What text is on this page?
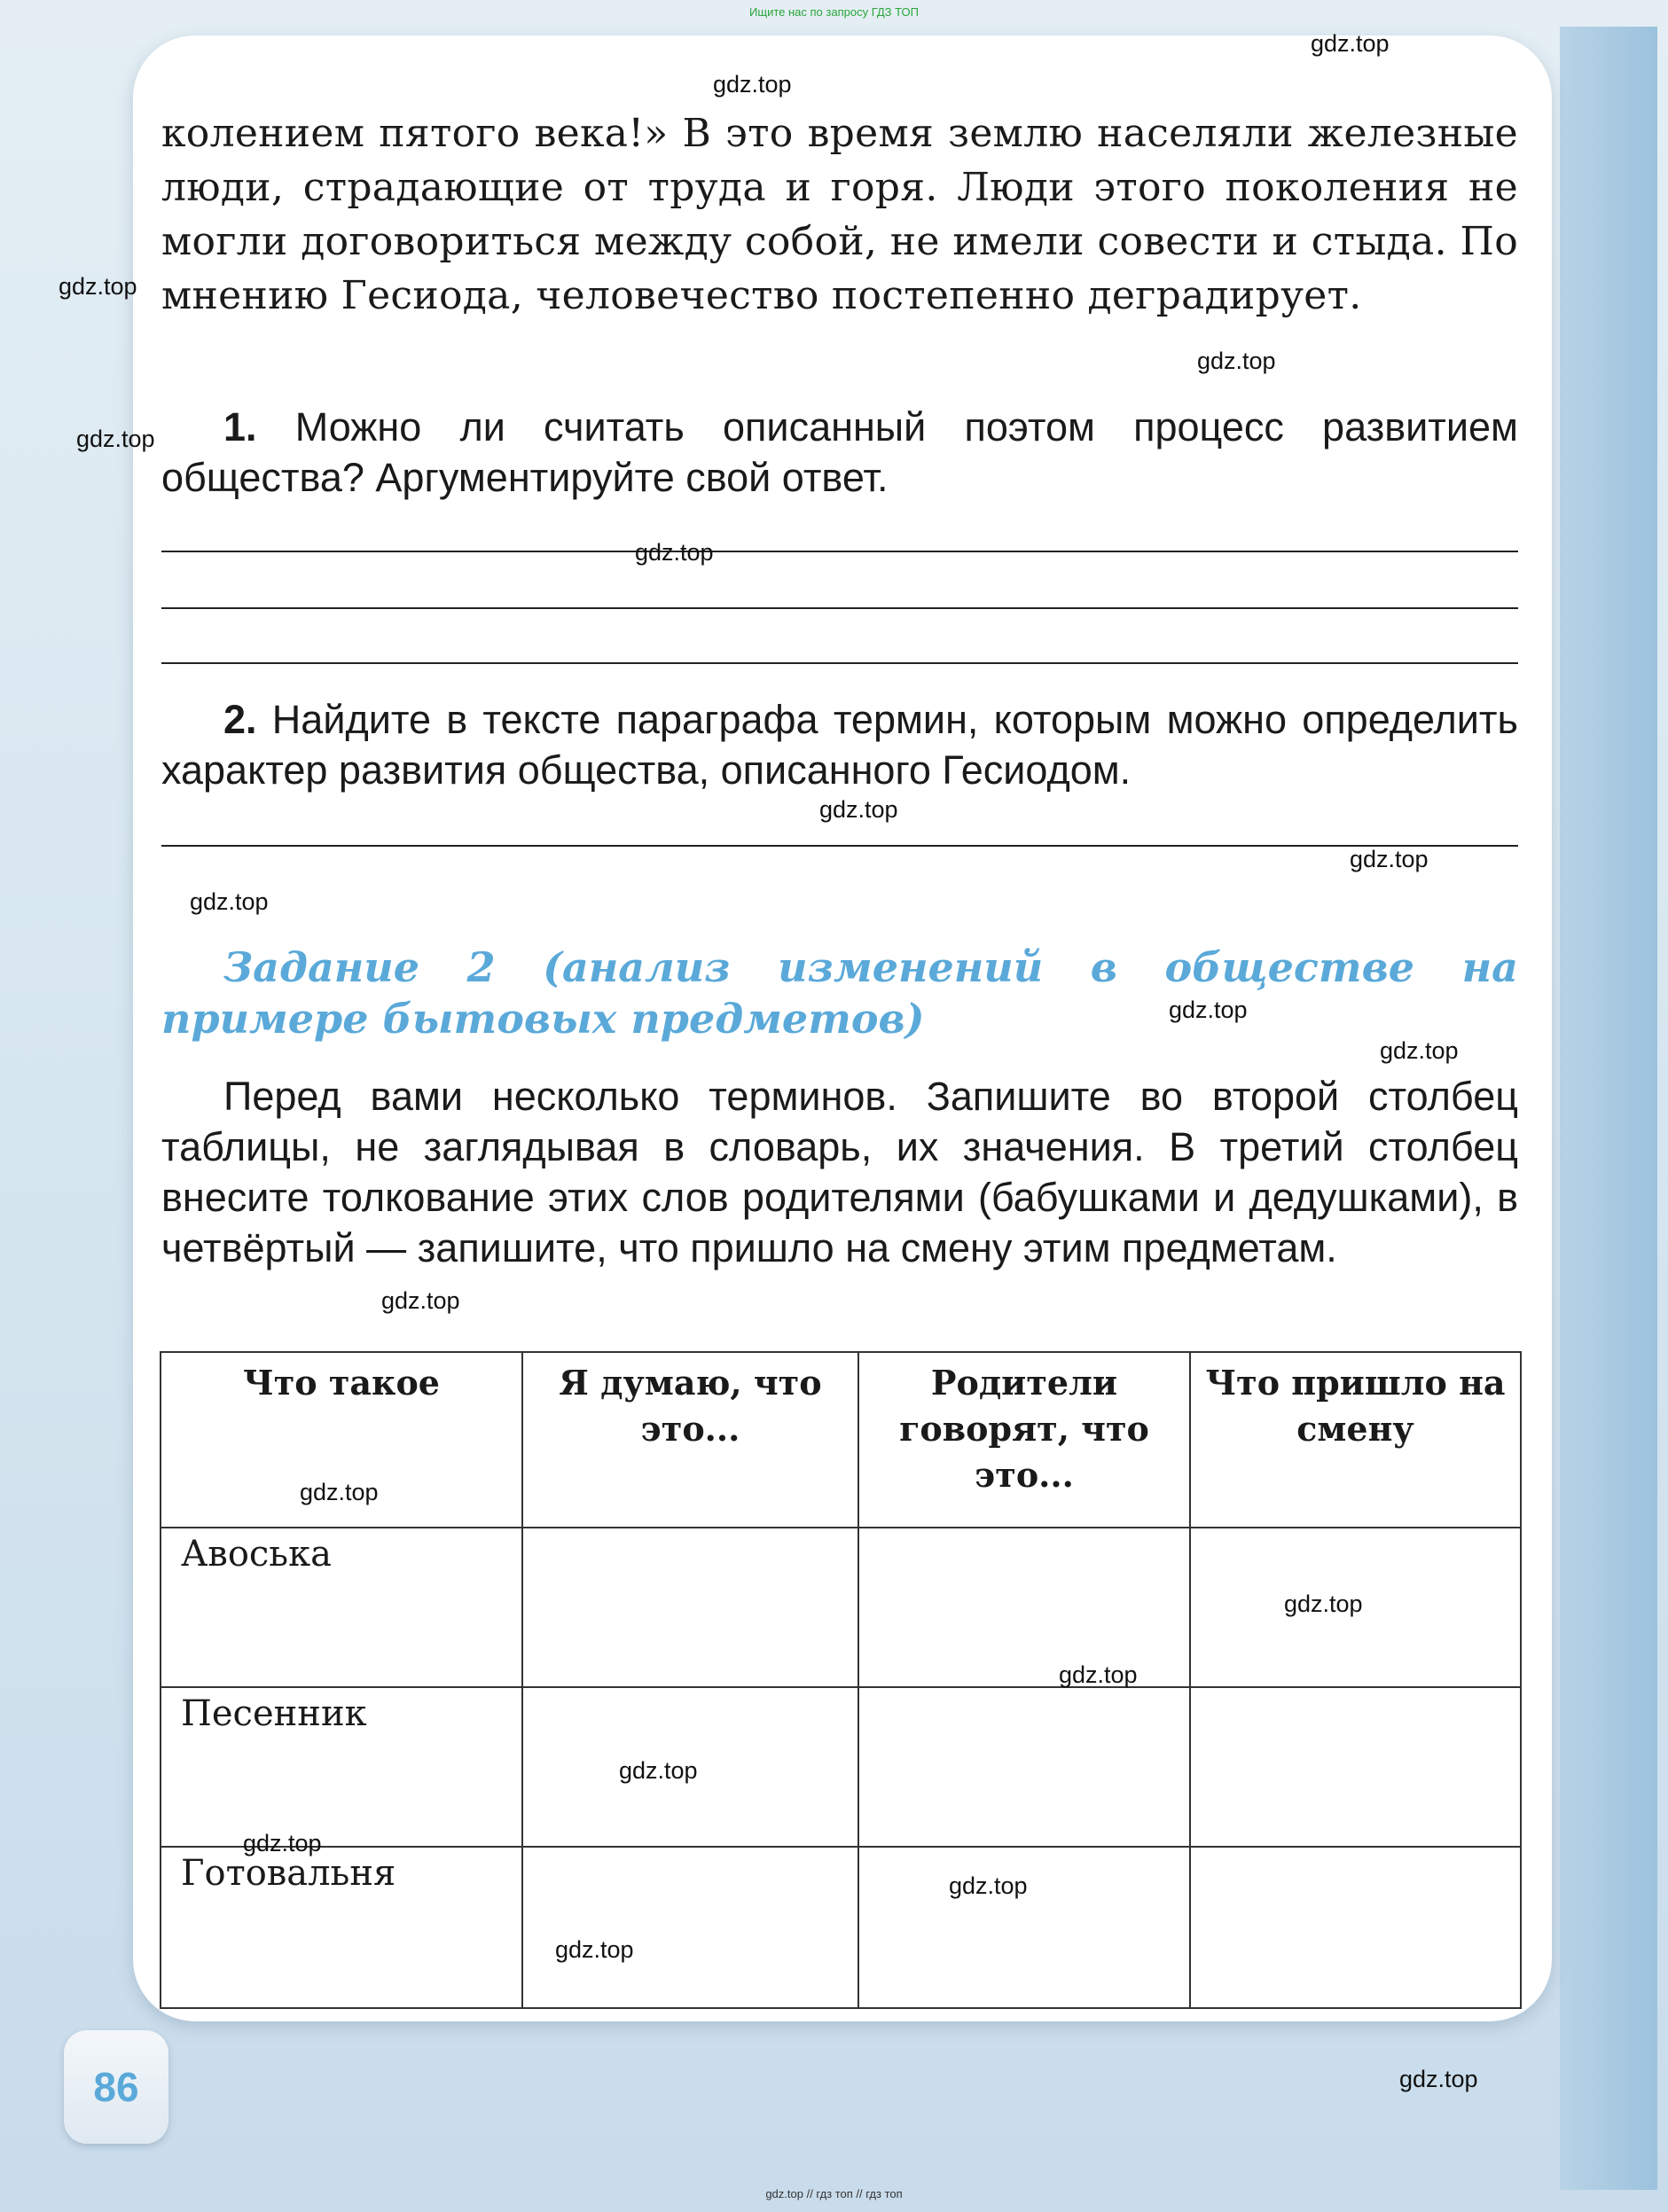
Ищите нас по запросу ГДЗ ТОП
колением пятого века!» В это время землю населяли железные люди, страдающие от труда и горя. Люди этого поколения не могли договориться между собой, не имели совести и стыда. По мнению Гесиода, человечество постепенно деградирует.
1. Можно ли считать описанный поэтом процесс развитием общества? Аргументируйте свой ответ.
2. Найдите в тексте параграфа термин, которым можно определить характер развития общества, описанного Гесиодом.
Задание 2 (анализ изменений в обществе на примере бытовых предметов)
Перед вами несколько терминов. Запишите во второй столбец таблицы, не заглядывая в словарь, их значения. В третий столбец внесите толкование этих слов родителями (бабушками и дедушками), в четвёртый — запишите, что пришло на смену этим предметам.
Что такое	Я думаю, что это...	Родители говорят, что это...	Что пришло на смену
Авоська			
Песенник			
Готовальня			
86
gdz.top
gdz.top
gdz.top
gdz.top
gdz.top
gdz.top
gdz.top
gdz.top
gdz.top
gdz.top
gdz.top
gdz.top
gdz.top
gdz.top
gdz.top
gdz.top
gdz.top
gdz.top
gdz.top
gdz.top
gdz.top // гдз топ // гдз топ
